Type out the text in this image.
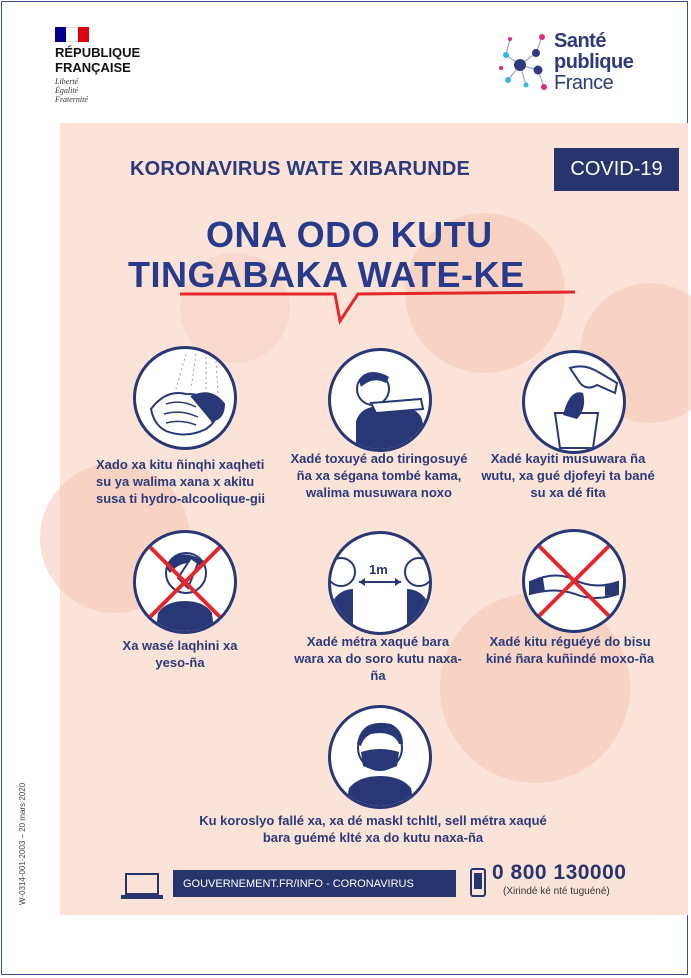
RÉPUBLIQUE
FRANÇAISE
Liberté
Égalité
Fraternité
Santé
publique
France
KORONAVIRUS WATE XIBARUNDE	COVID-19
ONA ODO KUTU
TINGABAKA WATE-KE
Xado xa kitu ñinqhi xaqheti su ya walima xana x akitu susa ti hydro-alcoolique-gii
Xadé toxuyé ado tiringosuyé ña xa ségana tombé kama, walima musuwara noxo
Xadé kayiti musuwara ña wutu, xa gué djofeyi ta bané su xa dé fita
Xa wasé laqhini xa yeso-ña
1m
Xadé métra xaqué bara wara xa do soro kutu naxa-ña
Xadé kitu réguéyé do bisu kiné ñara kuñindé moxo-ña
Ku koroslyo fallé xa, xa dé maskl tchltl, sell métra xaqué bara guémé klté xa do kutu naxa-ña
W-0314-001-2003 – 20 mars 2020	GOUVERNEMENT.FR/INFO - CORONAVIRUS	0 800 130000
(Xirindé ké nté tuguéné)
